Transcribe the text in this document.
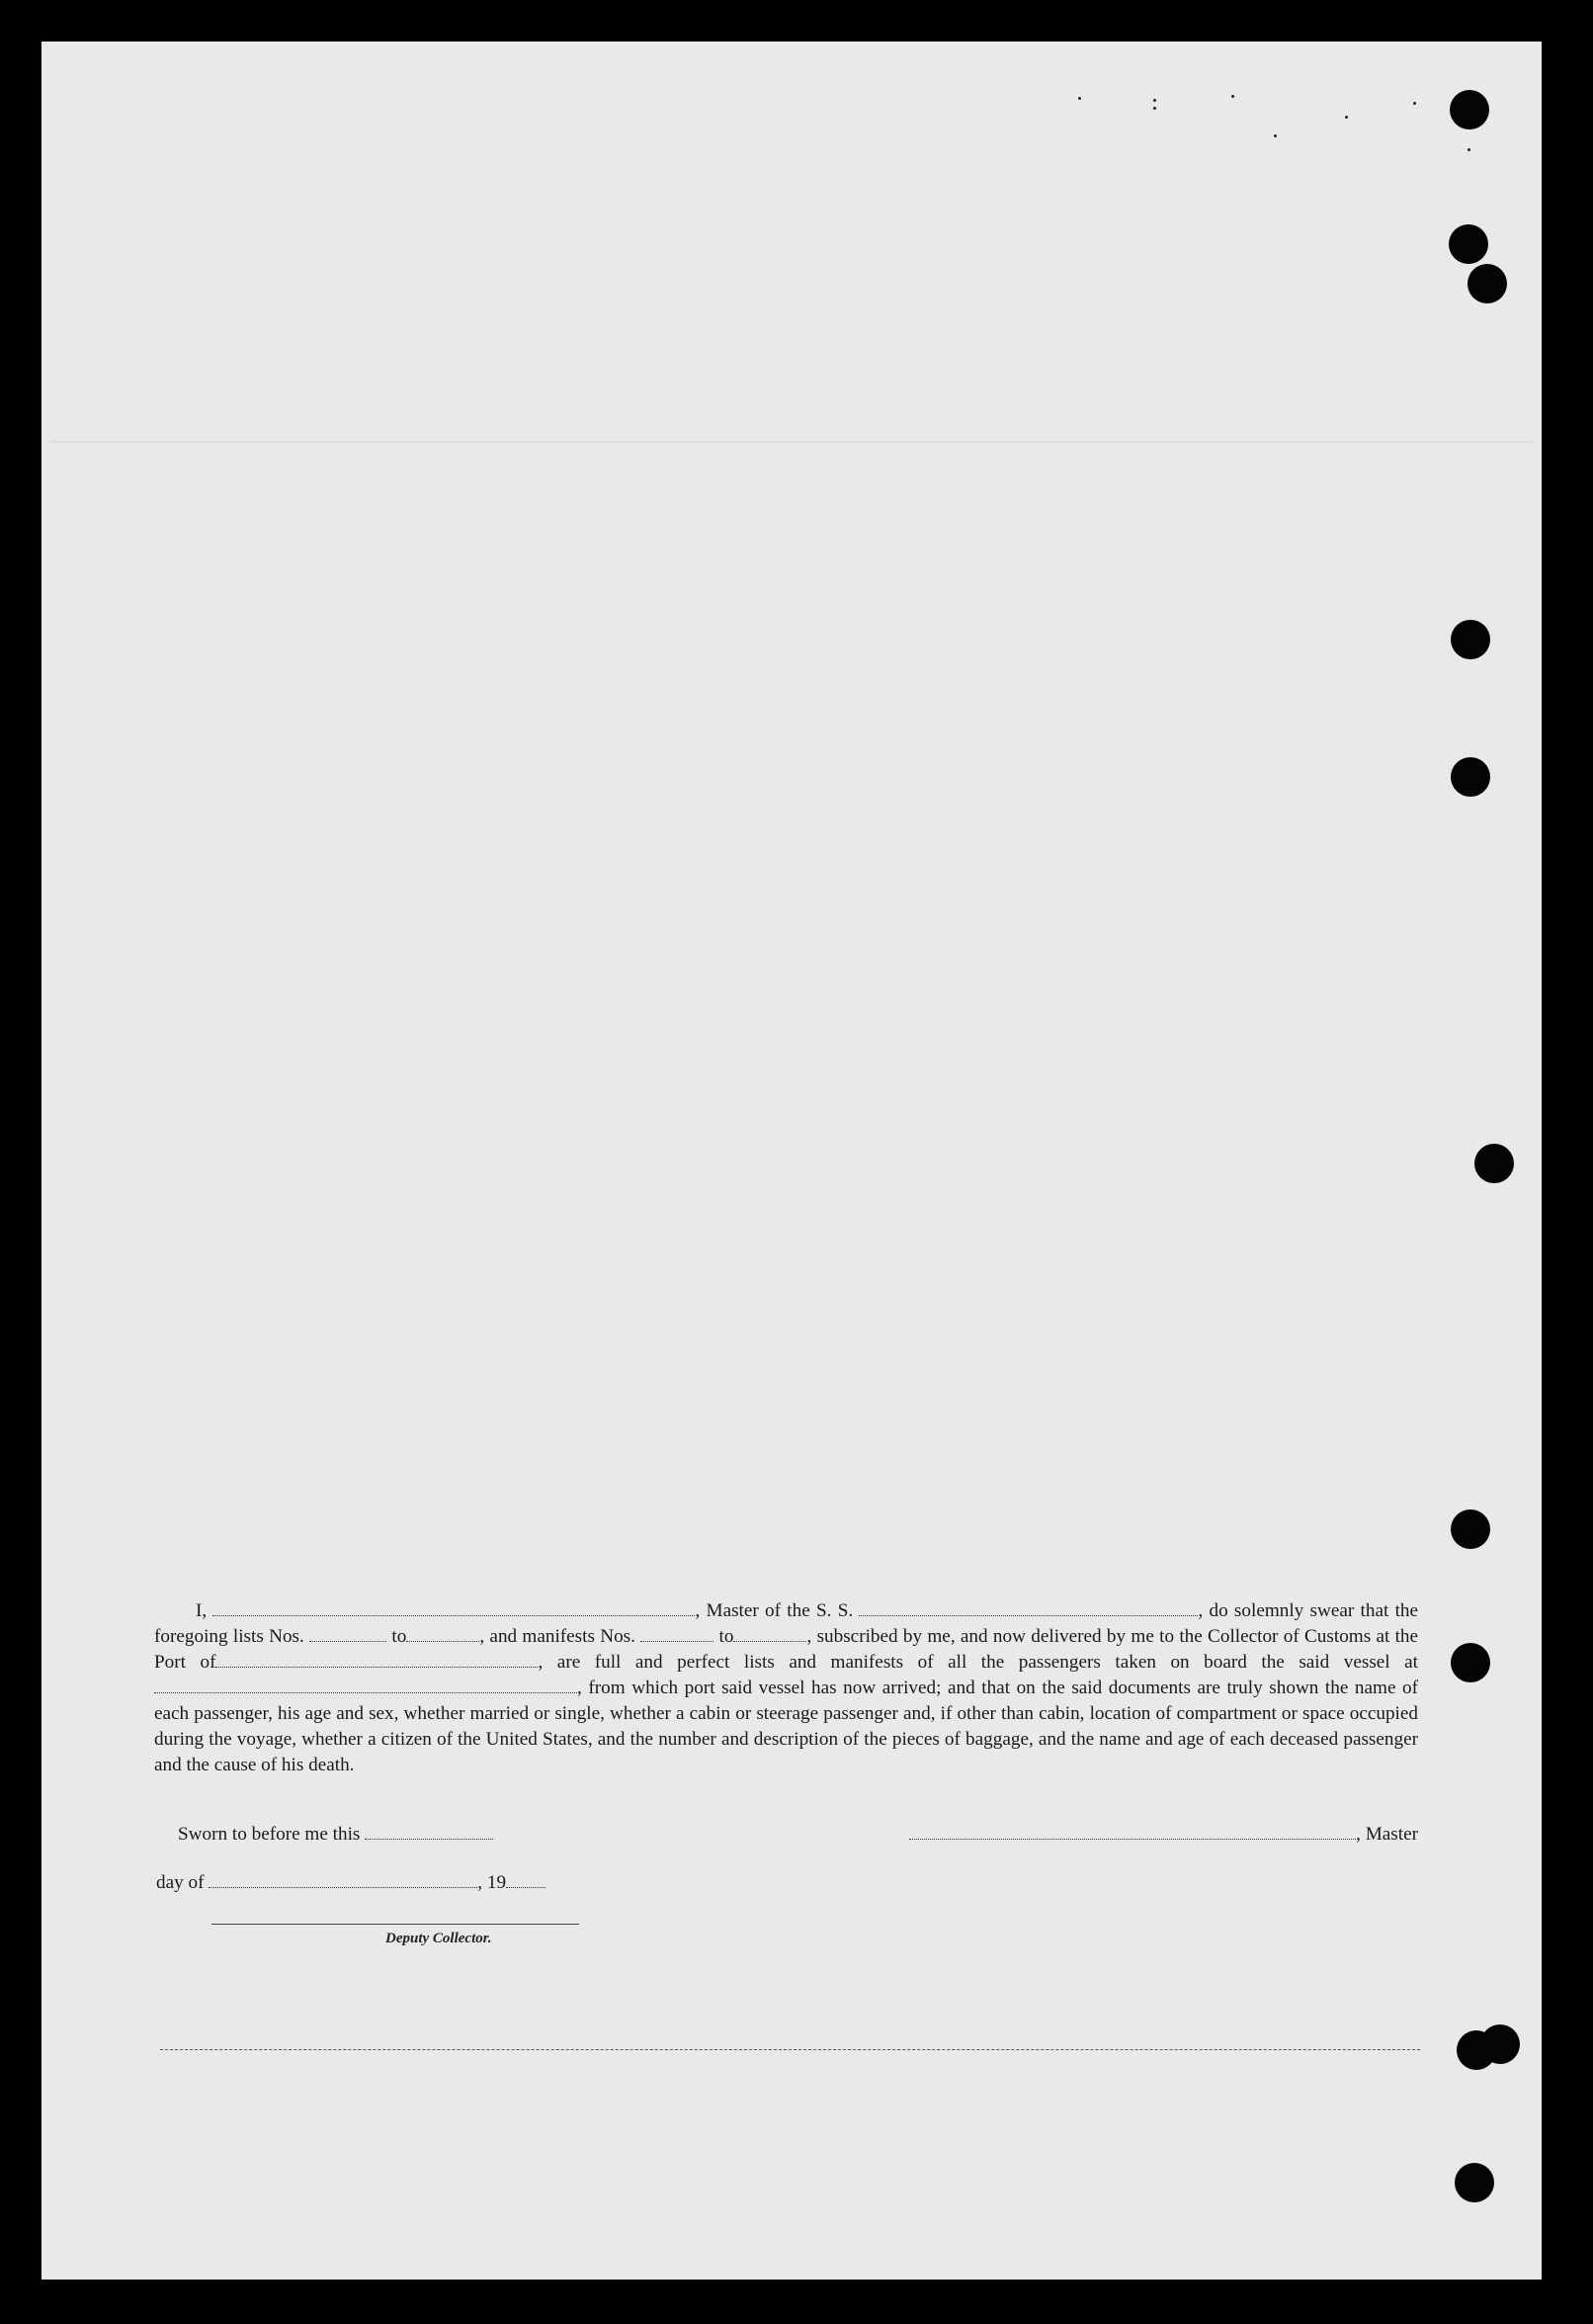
I,	, Master of the S. S.	, do solemnly swear that the foregoing lists Nos.	to	, and manifests Nos.	to	, subscribed by me, and now delivered by me to the Collector of Customs at the Port of	, are full and perfect lists and manifests of all the passengers taken on board the said vessel at , from which port said vessel has now arrived; and that on the said documents are truly shown the name of each passenger, his age and sex, whether married or single, whether a cabin or steerage passenger and, if other than cabin, location of compartment or space occupied during the voyage, whether a citizen of the United States, and the number and description of the pieces of baggage, and the name and age of each deceased passenger and the cause of his death.

Sworn to before me this	, Master
day of	, 19
Deputy Collector.
